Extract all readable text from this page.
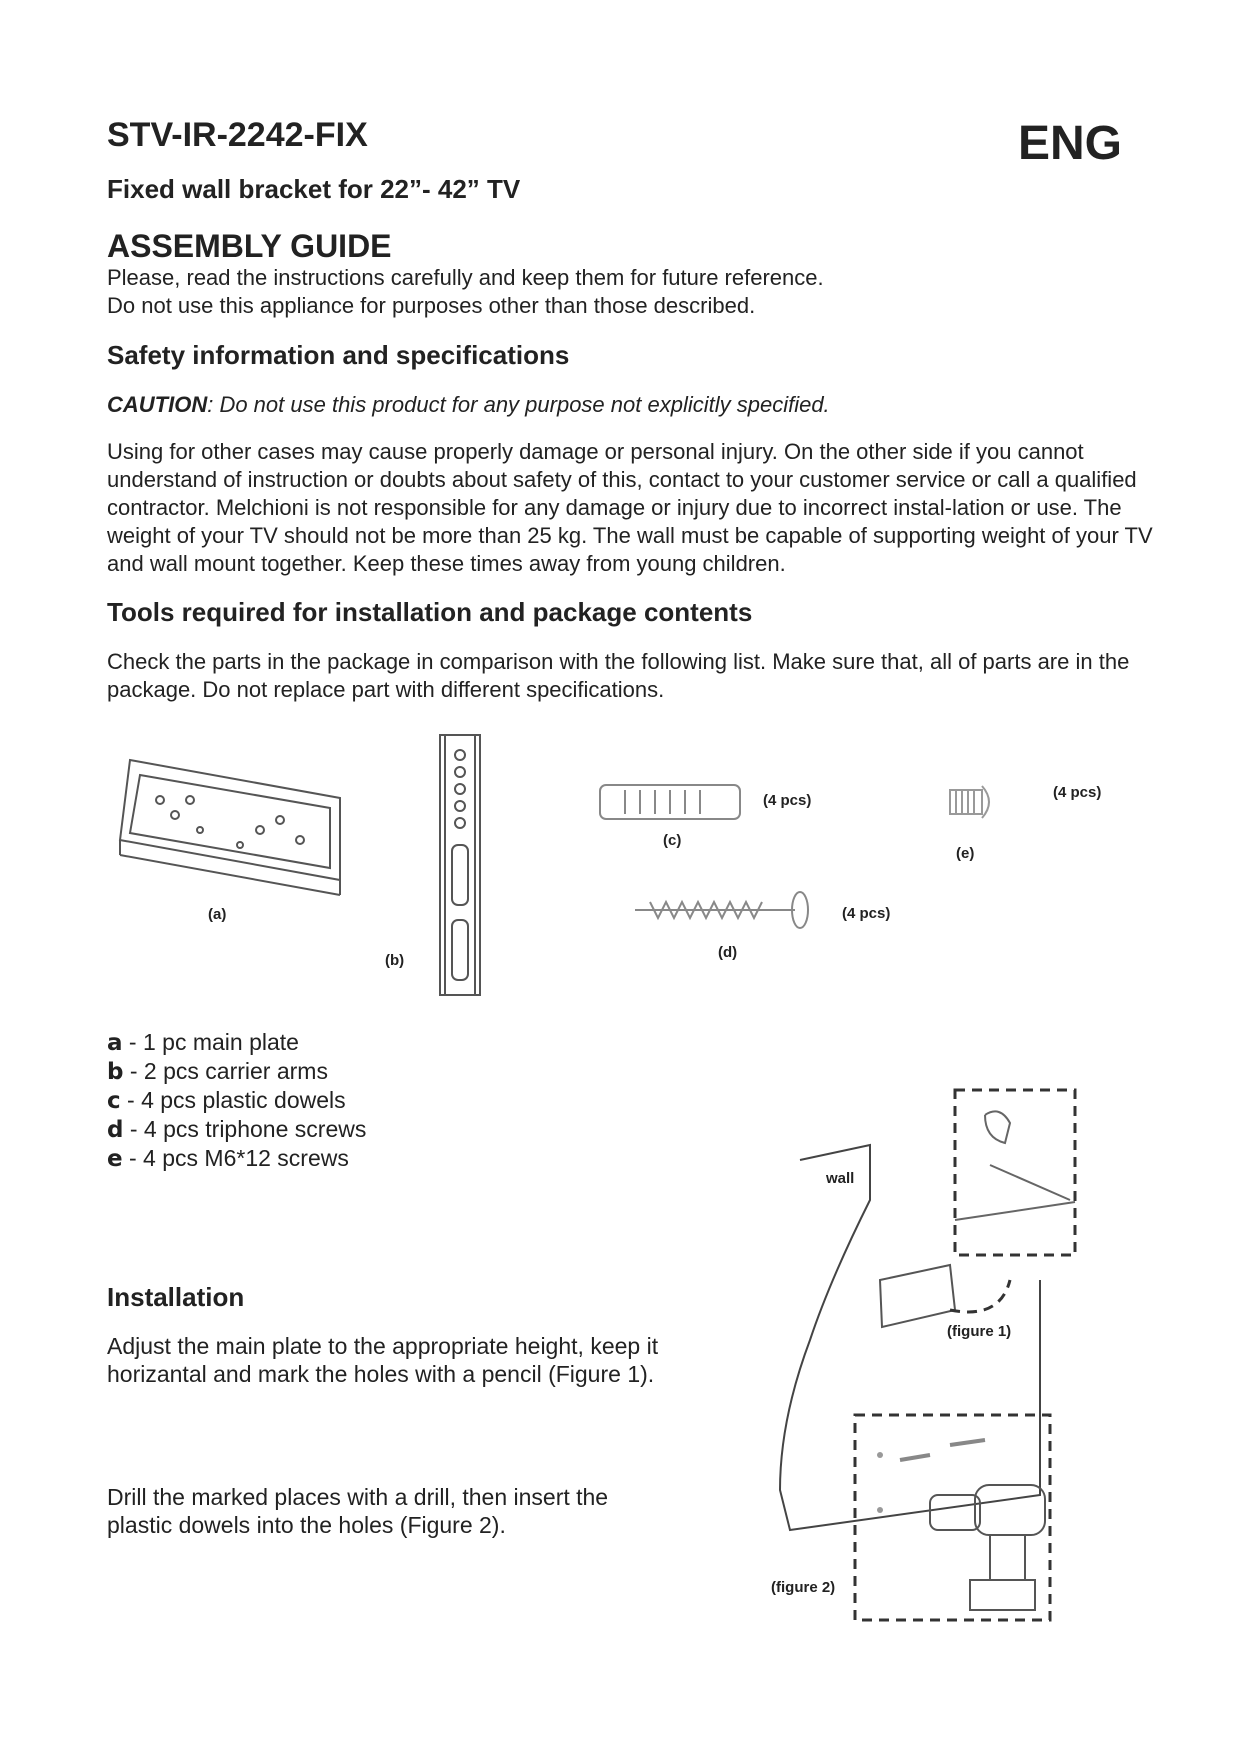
STV-IR-2242-FIX	ENG
Fixed wall bracket for 22”- 42” TV
ASSEMBLY GUIDE
Please, read the instructions carefully and keep them for future reference.
Do not use this appliance for purposes other than those described.
Safety information and specifications
CAUTION: Do not use this product for any purpose not explicitly specified.
Using for other cases may cause properly damage or personal injury. On the other side if you cannot understand of instruction or doubts about safety of this, contact to your customer service or call a qualified contractor. Melchioni is not responsible for any damage or injury due to incorrect instal-lation or use. The weight of your TV should not be more than 25 kg. The wall must be capable of supporting weight of your TV and wall mount together. Keep these times away from young children.
Tools required for installation and package contents
Check the parts in the package in comparison with the following list. Make sure that, all of parts are in the package. Do not replace part with different specifications.
(a)
(b)
(c)
(4 pcs)
(d)
(4 pcs)
(e)
(4 pcs)
a - 1 pc main plate
b - 2 pcs carrier arms
c - 4 pcs plastic dowels
d - 4 pcs triphone screws
e - 4 pcs M6*12 screws
Installation
Adjust the main plate to the appropriate height, keep it horizantal and mark the holes with a pencil (Figure 1).
Drill the marked places with a drill, then insert the plastic dowels into the holes (Figure 2).
wall
(figure 1)
(figure 2)
